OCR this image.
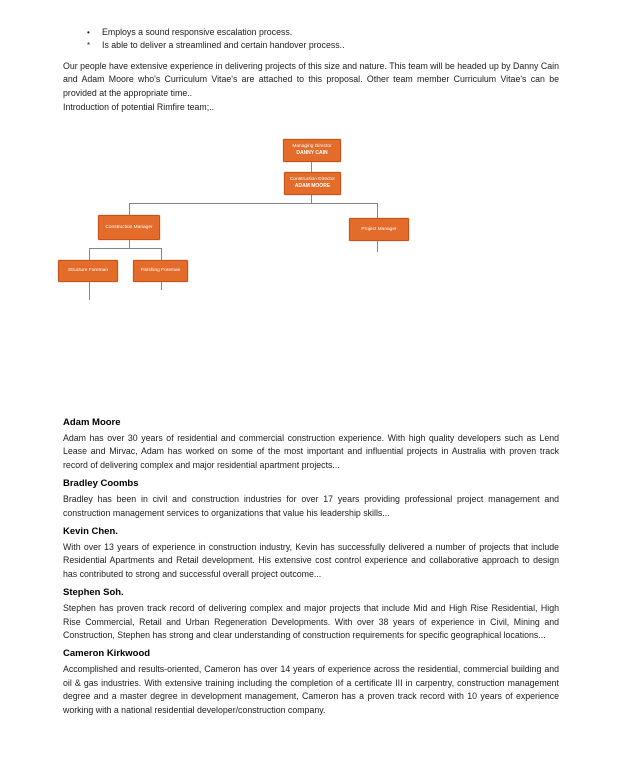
•	Employs a sound responsive escalation process.
*	Is able to deliver a streamlined and certain handover process..

Our people have extensive experience in delivering projects of this size and nature. This team will be headed up by Danny Cain and Adam Moore who's Curriculum Vitae's are attached to this proposal. Other team member Curriculum Vitae's can be provided at the appropriate time..

Introduction of potential Rimfire team;..

Managing Director
DANNY CAIN
Construction Director
ADAM MOORE
Construction Manager	Project Manager
Structure Foreman	Finishing Foreman
Adam Moore

Adam has over 30 years of residential and commercial construction experience. With high quality developers such as Lend Lease and Mirvac, Adam has worked on some of the most important and influential projects in Australia with proven track record of delivering complex and major residential apartment projects...

Bradley Coombs

Bradley has been in civil and construction industries for over 17 years providing professional project management and construction management services to organizations that value his leadership skills...

Kevin Chen.

With over 13 years of experience in construction industry, Kevin has successfully delivered a number of projects that include Residential Apartments and Retail development. His extensive cost control experience and collaborative approach to design has contributed to strong and successful overall project outcome...

Stephen Soh.

Stephen has proven track record of delivering complex and major projects that include Mid and High Rise Residential, High Rise Commercial, Retail and Urban Regeneration Developments. With over 38 years of experience in Civil, Mining and Construction, Stephen has strong and clear understanding of construction requirements for specific geographical locations...

Cameron Kirkwood

Accomplished and results-oriented, Cameron has over 14 years of experience across the residential, commercial building and oil & gas industries. With extensive training including the completion of a certificate III in carpentry, construction management degree and a master degree in development management, Cameron has a proven track record with 10 years of experience working with a national residential developer/construction company.
